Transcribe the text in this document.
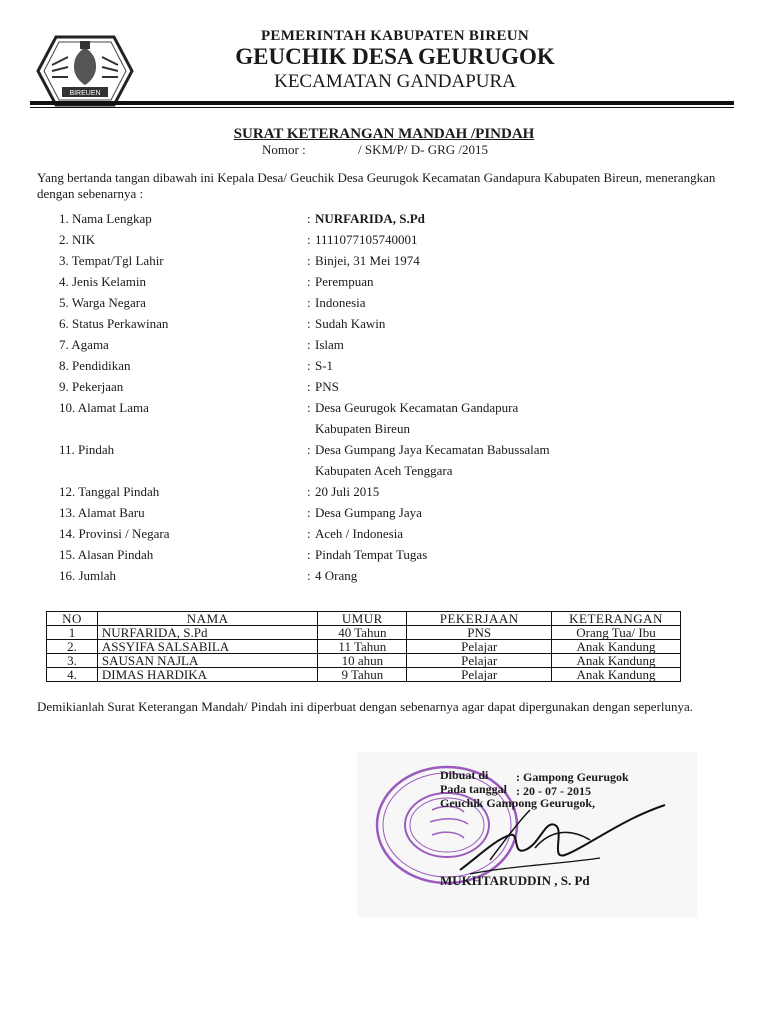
BIREUEN
PEMERINTAH KABUPATEN BIREUN
GEUCHIK DESA GEURUGOK
KECAMATAN GANDAPURA
SURAT KETERANGAN MANDAH /PINDAH
Nomor :	/ SKM/P/ D- GRG /2015
Yang bertanda tangan dibawah ini Kepala Desa/ Geuchik Desa Geurugok Kecamatan Gandapura Kabupaten Bireun, menerangkan dengan sebenarnya :
1. Nama Lengkap	: NURFARIDA, S.Pd
2. NIK	: 1111077105740001
3. Tempat/Tgl Lahir	: Binjei, 31 Mei 1974
4. Jenis Kelamin	: Perempuan
5. Warga Negara	: Indonesia
6. Status Perkawinan	: Sudah Kawin
7. Agama	: Islam
8. Pendidikan	: S-1
9. Pekerjaan	: PNS
10. Alamat Lama	: Desa Geurugok Kecamatan Gandapura
Kabupaten Bireun
11. Pindah	: Desa Gumpang Jaya Kecamatan Babussalam
Kabupaten Aceh Tenggara
12. Tanggal Pindah	: 20 Juli 2015
13. Alamat Baru	: Desa Gumpang Jaya
14. Provinsi / Negara	: Aceh / Indonesia
15. Alasan Pindah	: Pindah Tempat Tugas
16. Jumlah	: 4 Orang
NO	NAMA	UMUR	PEKERJAAN	KETERANGAN
1	NURFARIDA, S.Pd	40 Tahun	PNS	Orang Tua/ Ibu
2.	ASSYIFA SALSABILA	11 Tahun	Pelajar	Anak Kandung
3.	SAUSAN NAJLA	10 ahun	Pelajar	Anak Kandung
4.	DIMAS HARDIKA	9 Tahun	Pelajar	Anak Kandung
Demikianlah Surat Keterangan Mandah/ Pindah ini diperbuat dengan sebenarnya agar dapat dipergunakan dengan seperlunya.
Dibuat di : Gampong Geurugok
Pada tanggal : 20 - 07 - 2015
Geuchik Gampong Geurugok,
MUKHTARUDDIN , S. Pd
